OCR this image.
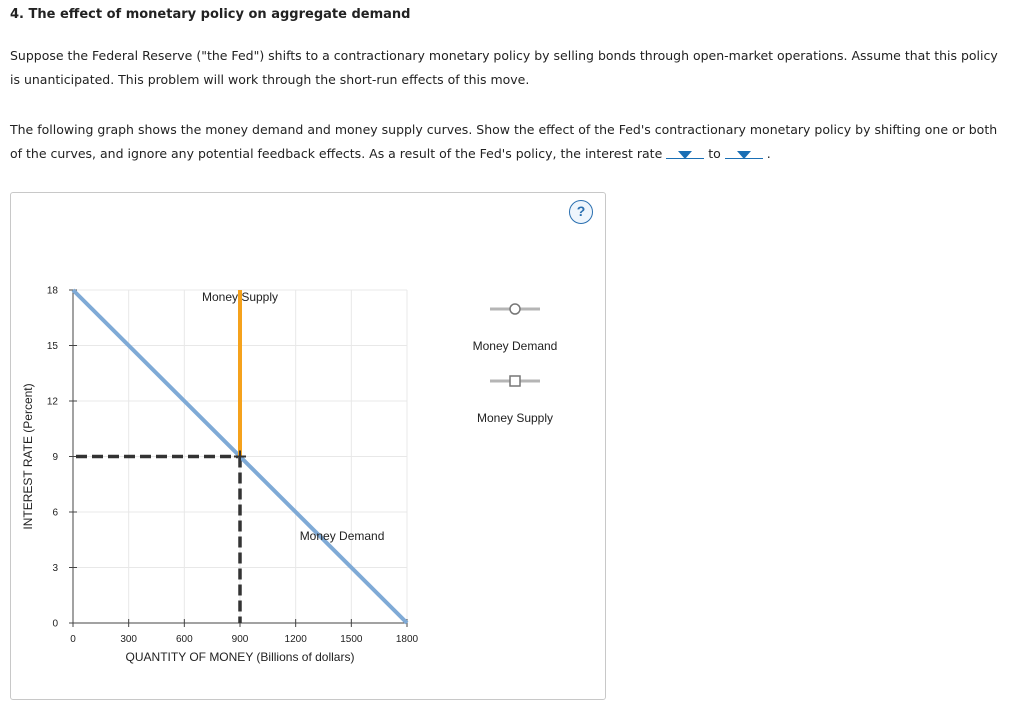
4. The effect of monetary policy on aggregate demand
Suppose the Federal Reserve ("the Fed") shifts to a contractionary monetary policy by selling bonds through open-market operations. Assume that this policy is unanticipated. This problem will work through the short-run effects of this move.
The following graph shows the money demand and money supply curves. Show the effect of the Fed's contractionary monetary policy by shifting one or both of the curves, and ignore any potential feedback effects. As a result of the Fed's policy, the interest rate	to	.
?
0
3
6
9
12
15
18
0	300	600	900	1200	1500	1800
QUANTITY OF MONEY (Billions of dollars)
INTEREST RATE (Percent)
Money Demand
Money Supply
Money Demand
Money Supply
